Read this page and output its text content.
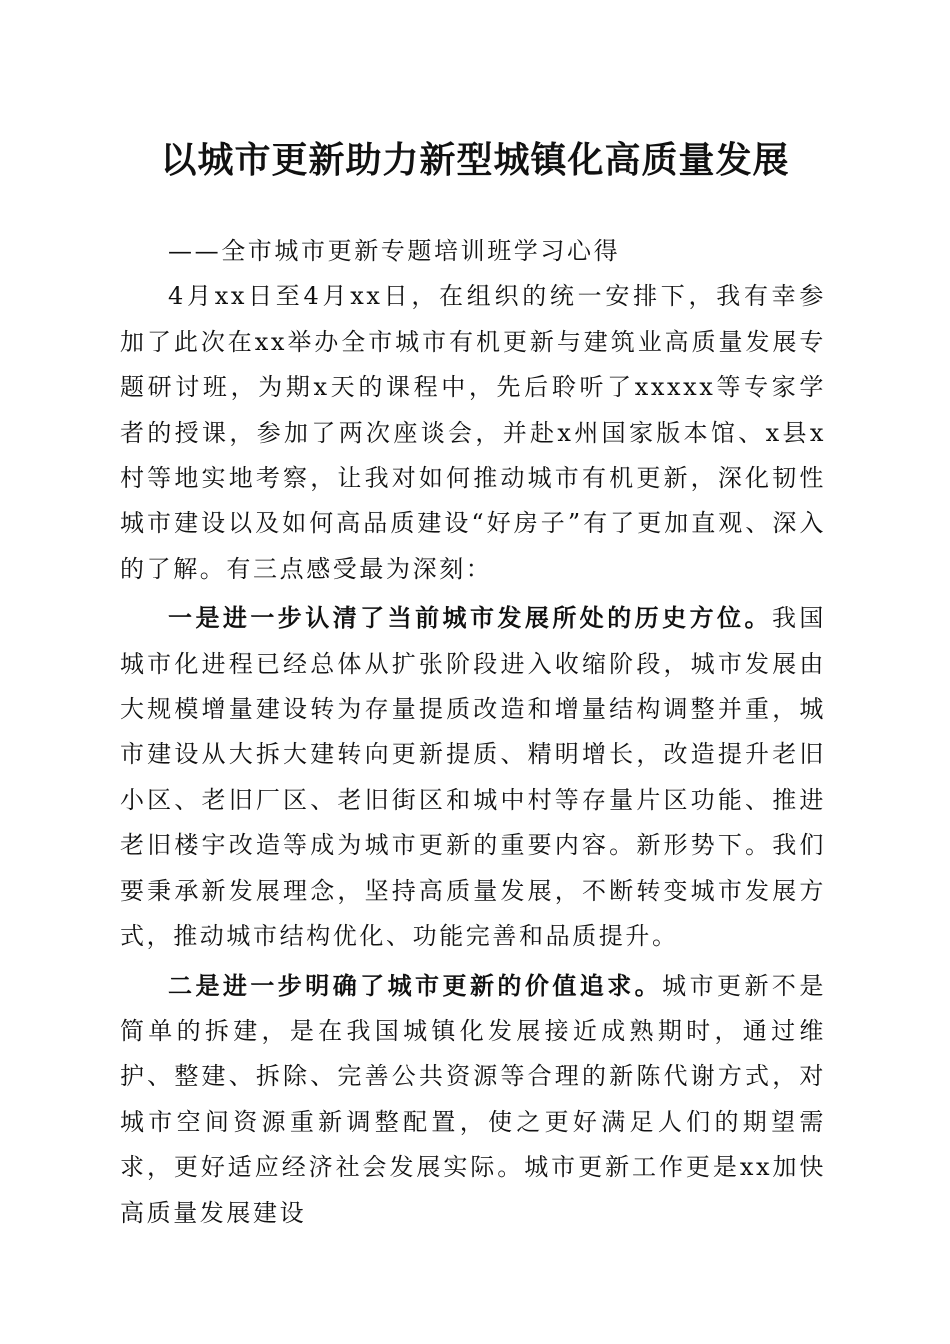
以城市更新助力新型城镇化高质量发展

——全市城市更新专题培训班学习心得

4月xx日至4月xx日，在组织的统一安排下，我有幸参加了此次在xx举办全市城市有机更新与建筑业高质量发展专题研讨班，为期x天的课程中，先后聆听了xxxxx等专家学者的授课，参加了两次座谈会，并赴x州国家版本馆、x县x村等地实地考察，让我对如何推动城市有机更新，深化韧性城市建设以及如何高品质建设“好房子”有了更加直观、深入的了解。有三点感受最为深刻：

一是进一步认清了当前城市发展所处的历史方位。我国城市化进程已经总体从扩张阶段进入收缩阶段，城市发展由大规模增量建设转为存量提质改造和增量结构调整并重，城市建设从大拆大建转向更新提质、精明增长，改造提升老旧小区、老旧厂区、老旧街区和城中村等存量片区功能、推进老旧楼宇改造等成为城市更新的重要内容。新形势下。我们要秉承新发展理念，坚持高质量发展，不断转变城市发展方式，推动城市结构优化、功能完善和品质提升。

二是进一步明确了城市更新的价值追求。城市更新不是简单的拆建，是在我国城镇化发展接近成熟期时，通过维护、整建、拆除、完善公共资源等合理的新陈代谢方式，对城市空间资源重新调整配置，使之更好满足人们的期望需求，更好适应经济社会发展实际。城市更新工作更是xx加快高质量发展建设
